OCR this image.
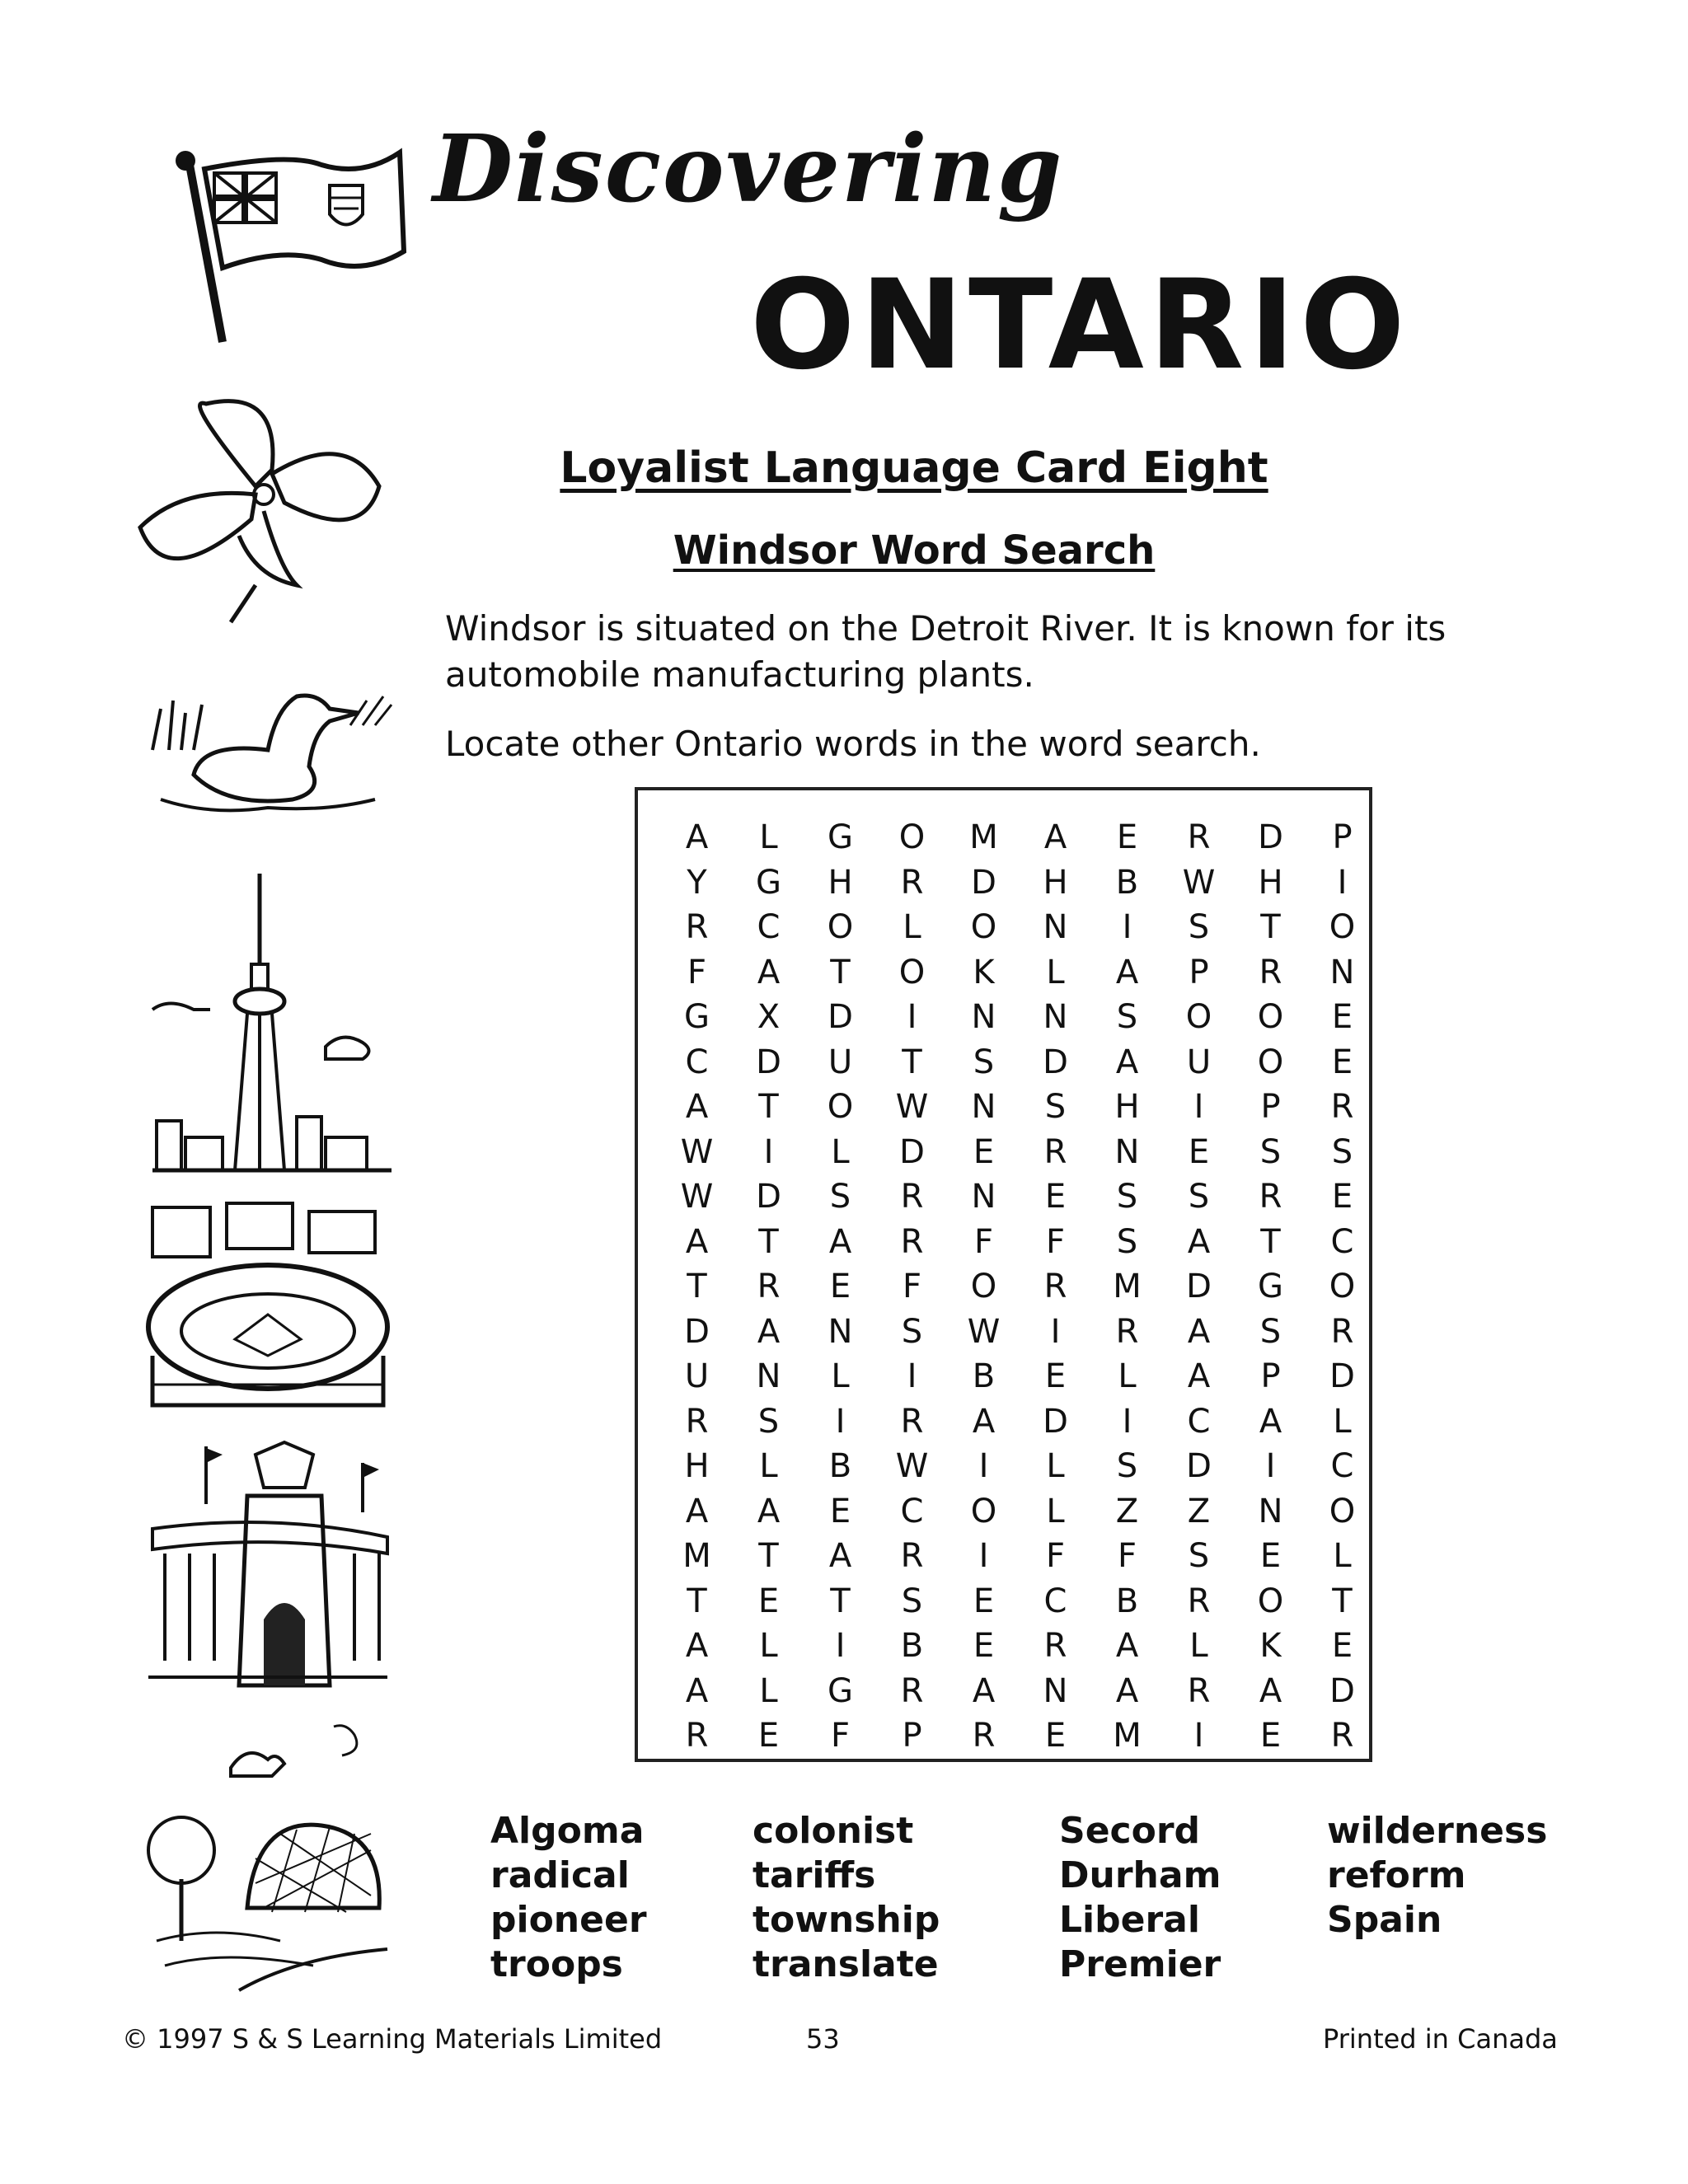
Discovering
ONTARIO
Loyalist Language Card Eight
Windsor Word Search
Windsor is situated on the Detroit River. It is known for its
automobile manufacturing plants.
Locate other Ontario words in the word search.
A	L	G	O	M	A	E	R	D	P
Y	G	H	R	D	H	B	W	H	I
R	C	O	L	O	N	I	S	T	O
F	A	T	O	K	L	A	P	R	N
G	X	D	I	N	N	S	O	O	E
C	D	U	T	S	D	A	U	O	E
A	T	O	W	N	S	H	I	P	R
W	I	L	D	E	R	N	E	S	S
W	D	S	R	N	E	S	S	R	E
A	T	A	R	F	F	S	A	T	C
T	R	E	F	O	R	M	D	G	O
D	A	N	S	W	I	R	A	S	R
U	N	L	I	B	E	L	A	P	D
R	S	I	R	A	D	I	C	A	L
H	L	B	W	I	L	S	D	I	C
A	A	E	C	O	L	Z	Z	N	O
M	T	A	R	I	F	F	S	E	L
T	E	T	S	E	C	B	R	O	T
A	L	I	B	E	R	A	L	K	E
A	L	G	R	A	N	A	R	A	D
R	E	F	P	R	E	M	I	E	R
Algoma	colonist	Secord	wilderness
radical	tariffs	Durham	reform
pioneer	township	Liberal	Spain
troops	translate	Premier
© 1997 S & S Learning Materials Limited	53	Printed in Canada
